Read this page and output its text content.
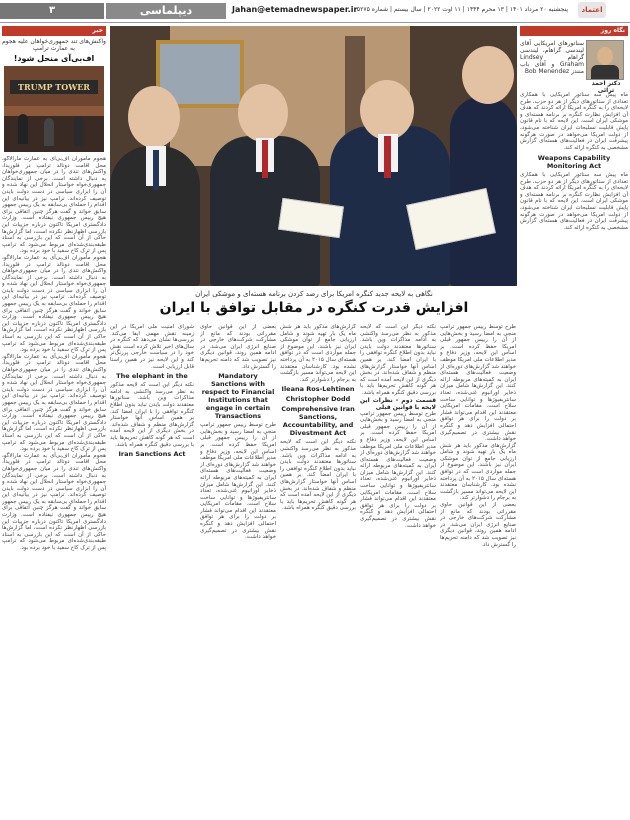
۳	دیپلماسی	Jahan@etemadnewspaper.ir پنجشنبه ۲۰ مرداد ۱۴۰۱ | ۱۳ محرم ۱۴۴۴ | ۱۱ اوت ۲۰۲۲ | سال بیستم | شماره ۵۲۷۵	اعتماد
نگاه روز
دکتر احمد ثرائی
سناتورهای امریکایی آقای لیندسی گراهام، لیندسی گراهام Lindsey Graham و آقای باب منندز Bob Menendez
ماه پیش سه سناتور امریکایی با همکاری تعدادی از سناتورهای دیگر از هر دو حزب، طرح لایحه‌ای را به کنگره امریکا ارائه کردند که هدف آن افزایش نظارت کنگره بر برنامه هسته‌ای و موشکی ایران است. این لایحه که با نام قانون پایش قابلیت تسلیحات ایران شناخته می‌شود، از دولت امریکا می‌خواهد در صورت هرگونه پیشرفت ایران در فعالیت‌های هسته‌ای گزارش مشخصی به کنگره ارائه کند.
Weapons Capability Monitoring Act
ماه پیش سه سناتور امریکایی با همکاری تعدادی از سناتورهای دیگر از هر دو حزب، طرح لایحه‌ای را به کنگره امریکا ارائه کردند که هدف آن افزایش نظارت کنگره بر برنامه هسته‌ای و موشکی ایران است. این لایحه که با نام قانون پایش قابلیت تسلیحات ایران شناخته می‌شود، از دولت امریکا می‌خواهد در صورت هرگونه پیشرفت ایران در فعالیت‌های هسته‌ای گزارش مشخصی به کنگره ارائه کند.
نگاهی به لایحه جدید کنگره امریکا برای رصد کردن برنامه هسته‌ای و موشکی ایران
افزایش قدرت کنگره در مقابل توافق با ایران
طرح توسط رییس جمهور ترامپ منجی به امضا رسید و بخش‌هایی از آن را رییس جمهور قبلی امریکا حفظ کرده است. بر اساس این لایحه، وزیر دفاع و مدیر اطلاعات ملی امریکا موظف خواهند شد گزارش‌های دوره‌ای از وضعیت فعالیت‌های هسته‌ای ایران به کمیته‌های مربوطه ارائه کنند. این گزارش‌ها شامل میزان ذخایر اورانیوم غنی‌شده، تعداد سانتریفیوژها و توانایی ساخت سلاح است. مقامات امریکایی معتقدند این اقدام می‌تواند فشار بر دولت را برای هر توافق احتمالی افزایش دهد و کنگره نقش بیشتری در تصمیم‌گیری خواهد داشت.
گزارش‌های مذکور باید هر شش ماه یک بار تهیه شوند و شامل ارزیابی جامع از توان موشکی ایران نیز باشند. این موضوع از جمله مواردی است که در توافق هسته‌ای سال ۲۰۱۵ به آن پرداخته نشده بود. کارشناسان معتقدند این لایحه می‌تواند مسیر بازگشت به برجام را دشوارتر کند.
بعضی از این قوانین حاوی مقرراتی بودند که مانع از مشارکت شرکت‌های خارجی در صنایع انرژی ایران می‌شد. در ادامه همین روند، قوانین دیگری نیز تصویب شد که دامنه تحریم‌ها را گسترش داد.
نکته دیگر این است که لایحه مذکور به نظر می‌رسد واکنشی به ادامه مذاکرات وین باشد. سناتورها معتقدند دولت بایدن نباید بدون اطلاع کنگره توافقی را با ایران امضا کند. بر همین اساس آنها خواستار گزارش‌های منظم و شفاف شده‌اند. در بخش دیگری از این لایحه آمده است که هر گونه کاهش تحریم‌ها باید با بررسی دقیق کنگره همراه باشد.
قسمت دوم - نظرات این لایحه با قوانین قبلی
طرح توسط رییس جمهور ترامپ منجی به امضا رسید و بخش‌هایی از آن را رییس جمهور قبلی امریکا حفظ کرده است. بر اساس این لایحه، وزیر دفاع و مدیر اطلاعات ملی امریکا موظف خواهند شد گزارش‌های دوره‌ای از وضعیت فعالیت‌های هسته‌ای ایران به کمیته‌های مربوطه ارائه کنند. این گزارش‌ها شامل میزان ذخایر اورانیوم غنی‌شده، تعداد سانتریفیوژها و توانایی ساخت سلاح است. مقامات امریکایی معتقدند این اقدام می‌تواند فشار بر دولت را برای هر توافق احتمالی افزایش دهد و کنگره نقش بیشتری در تصمیم‌گیری خواهد داشت.
گزارش‌های مذکور باید هر شش ماه یک بار تهیه شوند و شامل ارزیابی جامع از توان موشکی ایران نیز باشند. این موضوع از جمله مواردی است که در توافق هسته‌ای سال ۲۰۱۵ به آن پرداخته نشده بود. کارشناسان معتقدند این لایحه می‌تواند مسیر بازگشت به برجام را دشوارتر کند.
Ileana Ros-Lehtinen
Christopher Dodd
Comprehensive Iran Sanctions, Accountability, and Divestment Act
نکته دیگر این است که لایحه مذکور به نظر می‌رسد واکنشی به ادامه مذاکرات وین باشد. سناتورها معتقدند دولت بایدن نباید بدون اطلاع کنگره توافقی را با ایران امضا کند. بر همین اساس آنها خواستار گزارش‌های منظم و شفاف شده‌اند. در بخش دیگری از این لایحه آمده است که هر گونه کاهش تحریم‌ها باید با بررسی دقیق کنگره همراه باشد.
بعضی از این قوانین حاوی مقرراتی بودند که مانع از مشارکت شرکت‌های خارجی در صنایع انرژی ایران می‌شد. در ادامه همین روند، قوانین دیگری نیز تصویب شد که دامنه تحریم‌ها را گسترش داد.
Mandatory Sanctions with respect to Financial Institutions that engage in certain Transactions
طرح توسط رییس جمهور ترامپ منجی به امضا رسید و بخش‌هایی از آن را رییس جمهور قبلی امریکا حفظ کرده است. بر اساس این لایحه، وزیر دفاع و مدیر اطلاعات ملی امریکا موظف خواهند شد گزارش‌های دوره‌ای از وضعیت فعالیت‌های هسته‌ای ایران به کمیته‌های مربوطه ارائه کنند. این گزارش‌ها شامل میزان ذخایر اورانیوم غنی‌شده، تعداد سانتریفیوژها و توانایی ساخت سلاح است. مقامات امریکایی معتقدند این اقدام می‌تواند فشار بر دولت را برای هر توافق احتمالی افزایش دهد و کنگره نقش بیشتری در تصمیم‌گیری خواهد داشت.
شورای امنیت ملی امریکا در این زمینه نقش مهمی ایفا می‌کند. بررسی‌ها نشان می‌دهد که کنگره در سال‌های اخیر تلاش کرده است نقش خود را در سیاست خارجی پررنگ‌تر کند و این لایحه نیز در همین راستا قابل ارزیابی است.
The elephant in the
نکته دیگر این است که لایحه مذکور به نظر می‌رسد واکنشی به ادامه مذاکرات وین باشد. سناتورها معتقدند دولت بایدن نباید بدون اطلاع کنگره توافقی را با ایران امضا کند. بر همین اساس آنها خواستار گزارش‌های منظم و شفاف شده‌اند. در بخش دیگری از این لایحه آمده است که هر گونه کاهش تحریم‌ها باید با بررسی دقیق کنگره همراه باشد.
Iran Sanctions Act
خبر
واکنش‌های تند جمهوری‌خواهان علیه هجوم به عمارت ترامپ
اف‌بی‌آی منحل شود!
TRUMP TOWER
هجوم مأموران اف‌بی‌آی به عمارت مارالاگو، محل اقامت دونالد ترامپ در فلوریدا، واکنش‌های تندی را در میان جمهوری‌خواهان به دنبال داشته است. برخی از نمایندگان جمهوری‌خواه خواستار انحلال این نهاد شده و آن را ابزاری سیاسی در دست دولت بایدن توصیف کرده‌اند. ترامپ نیز در بیانیه‌ای این اقدام را حمله‌ای بی‌سابقه به یک رییس جمهور سابق خواند و گفت هرگز چنین اتفاقی برای هیچ رییس جمهوری نیفتاده است. وزارت دادگستری امریکا تاکنون درباره جزییات این بازرسی اظهارنظر نکرده است، اما گزارش‌ها حاکی از آن است که این بازرسی به اسناد طبقه‌بندی‌شده‌ای مربوط می‌شود که ترامپ پس از ترک کاخ سفید با خود برده بود.
هجوم مأموران اف‌بی‌آی به عمارت مارالاگو، محل اقامت دونالد ترامپ در فلوریدا، واکنش‌های تندی را در میان جمهوری‌خواهان به دنبال داشته است. برخی از نمایندگان جمهوری‌خواه خواستار انحلال این نهاد شده و آن را ابزاری سیاسی در دست دولت بایدن توصیف کرده‌اند. ترامپ نیز در بیانیه‌ای این اقدام را حمله‌ای بی‌سابقه به یک رییس جمهور سابق خواند و گفت هرگز چنین اتفاقی برای هیچ رییس جمهوری نیفتاده است. وزارت دادگستری امریکا تاکنون درباره جزییات این بازرسی اظهارنظر نکرده است، اما گزارش‌ها حاکی از آن است که این بازرسی به اسناد طبقه‌بندی‌شده‌ای مربوط می‌شود که ترامپ پس از ترک کاخ سفید با خود برده بود.
هجوم مأموران اف‌بی‌آی به عمارت مارالاگو، محل اقامت دونالد ترامپ در فلوریدا، واکنش‌های تندی را در میان جمهوری‌خواهان به دنبال داشته است. برخی از نمایندگان جمهوری‌خواه خواستار انحلال این نهاد شده و آن را ابزاری سیاسی در دست دولت بایدن توصیف کرده‌اند. ترامپ نیز در بیانیه‌ای این اقدام را حمله‌ای بی‌سابقه به یک رییس جمهور سابق خواند و گفت هرگز چنین اتفاقی برای هیچ رییس جمهوری نیفتاده است. وزارت دادگستری امریکا تاکنون درباره جزییات این بازرسی اظهارنظر نکرده است، اما گزارش‌ها حاکی از آن است که این بازرسی به اسناد طبقه‌بندی‌شده‌ای مربوط می‌شود که ترامپ پس از ترک کاخ سفید با خود برده بود.
هجوم مأموران اف‌بی‌آی به عمارت مارالاگو، محل اقامت دونالد ترامپ در فلوریدا، واکنش‌های تندی را در میان جمهوری‌خواهان به دنبال داشته است. برخی از نمایندگان جمهوری‌خواه خواستار انحلال این نهاد شده و آن را ابزاری سیاسی در دست دولت بایدن توصیف کرده‌اند. ترامپ نیز در بیانیه‌ای این اقدام را حمله‌ای بی‌سابقه به یک رییس جمهور سابق خواند و گفت هرگز چنین اتفاقی برای هیچ رییس جمهوری نیفتاده است. وزارت دادگستری امریکا تاکنون درباره جزییات این بازرسی اظهارنظر نکرده است، اما گزارش‌ها حاکی از آن است که این بازرسی به اسناد طبقه‌بندی‌شده‌ای مربوط می‌شود که ترامپ پس از ترک کاخ سفید با خود برده بود.
